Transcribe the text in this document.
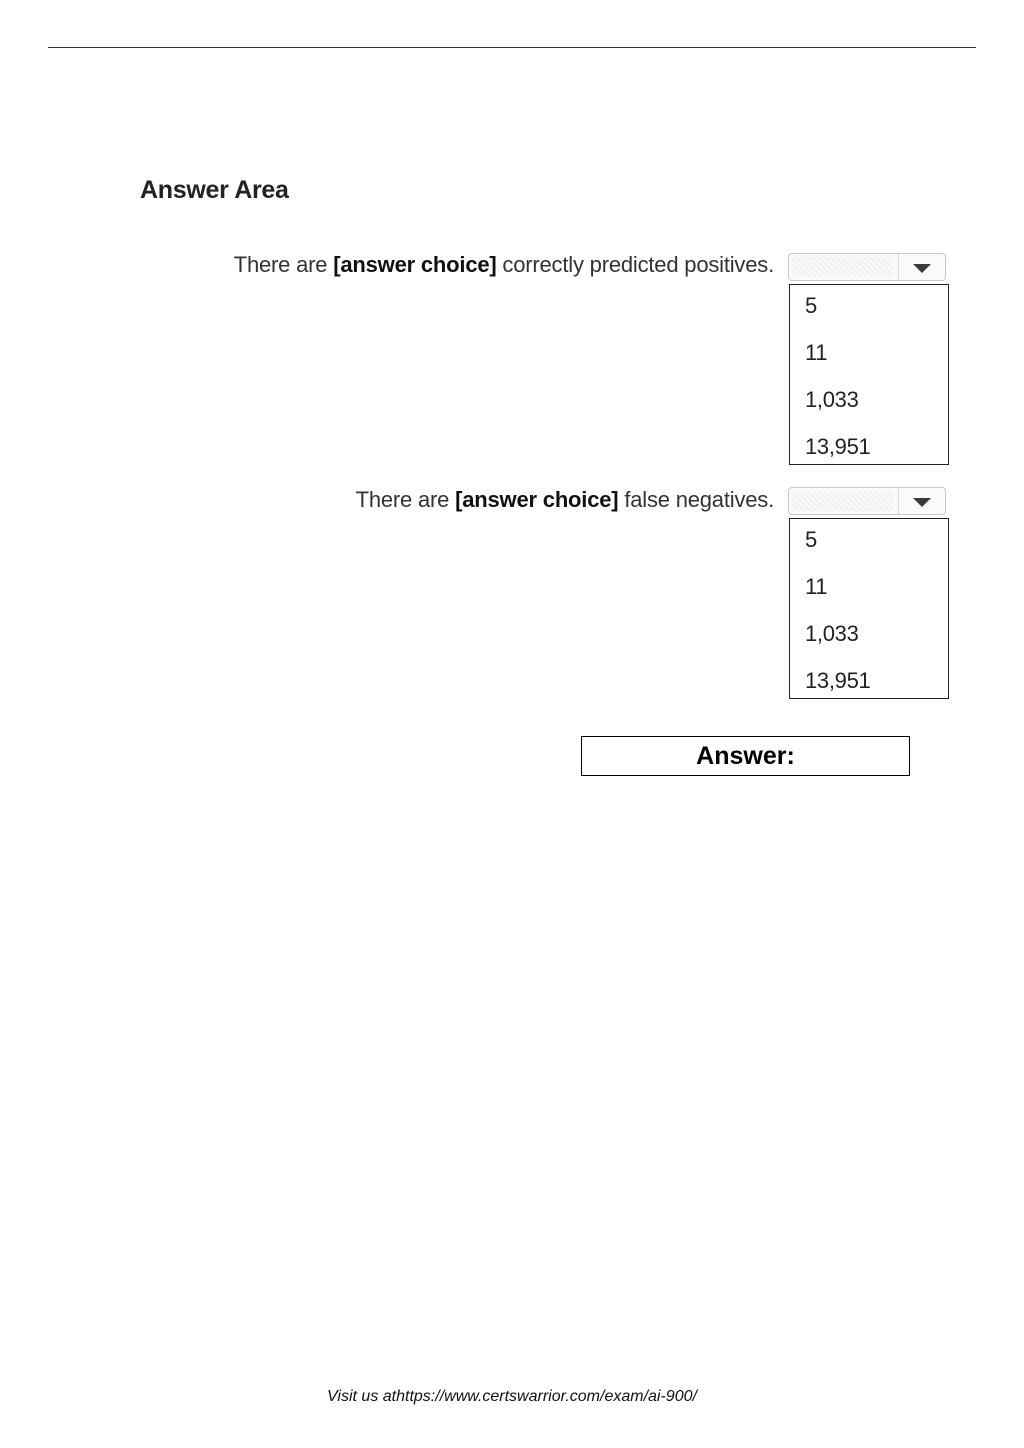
Answer Area
There are [answer choice] correctly predicted positives.
5
11
1,033
13,951
There are [answer choice] false negatives.
5
11
1,033
13,951
Answer:
Visit us athttps://www.certswarrior.com/exam/ai-900/
